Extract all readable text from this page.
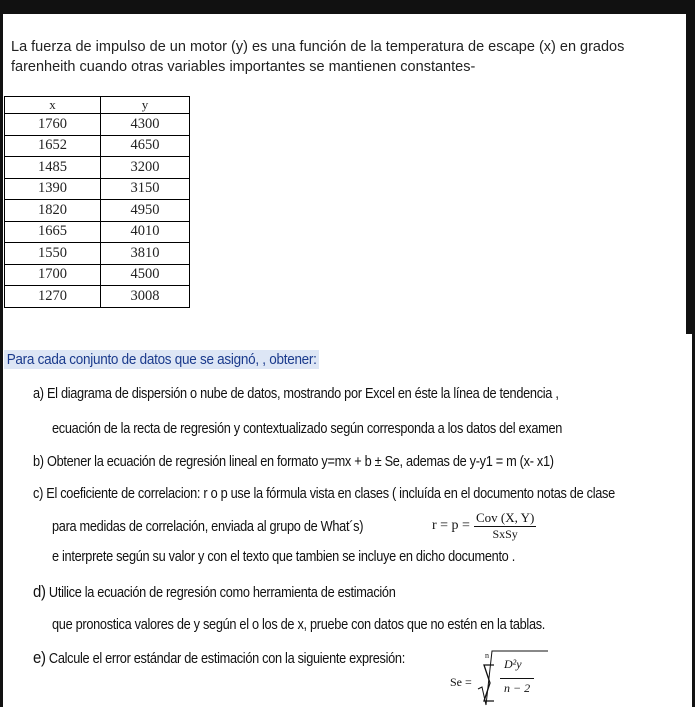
La fuerza de impulso de un motor (y) es una función de la temperatura de escape (x) en grados
farenheith cuando otras variables importantes se mantienen constantes-
x	y
1760	4300
1652	4650
1485	3200
1390	3150
1820	4950
1665	4010
1550	3810
1700	4500
1270	3008
Para cada conjunto de datos que se asignó, , obtener:
a) El diagrama de dispersión o nube de datos, mostrando por Excel en éste la línea de tendencia ,
ecuación de la recta de regresión y contextualizado según corresponda a los datos del examen
b) Obtener la ecuación de regresión lineal en formato y=mx + b ± Se, ademas de y-y1 = m (x- x1)
c) El coeficiente de correlacion: r o p use la fórmula vista en clases ( incluída en el documento notas de clase
para medidas de correlación, enviada al grupo de What´s)	$r = p = \frac{\text{Cov (X, Y)}}{\text{SxSy}}$
e interprete según su valor y con el texto que tambien se incluye en dicho documento .
d) Utilice la ecuación de regresión como herramienta de estimación
que pronostica valores de y según el o los de x, pruebe con datos que no estén en la tablas.
e) Calcule el error estándar de estimación con la siguiente expresión:
Se =
n
D²y
n − 2
